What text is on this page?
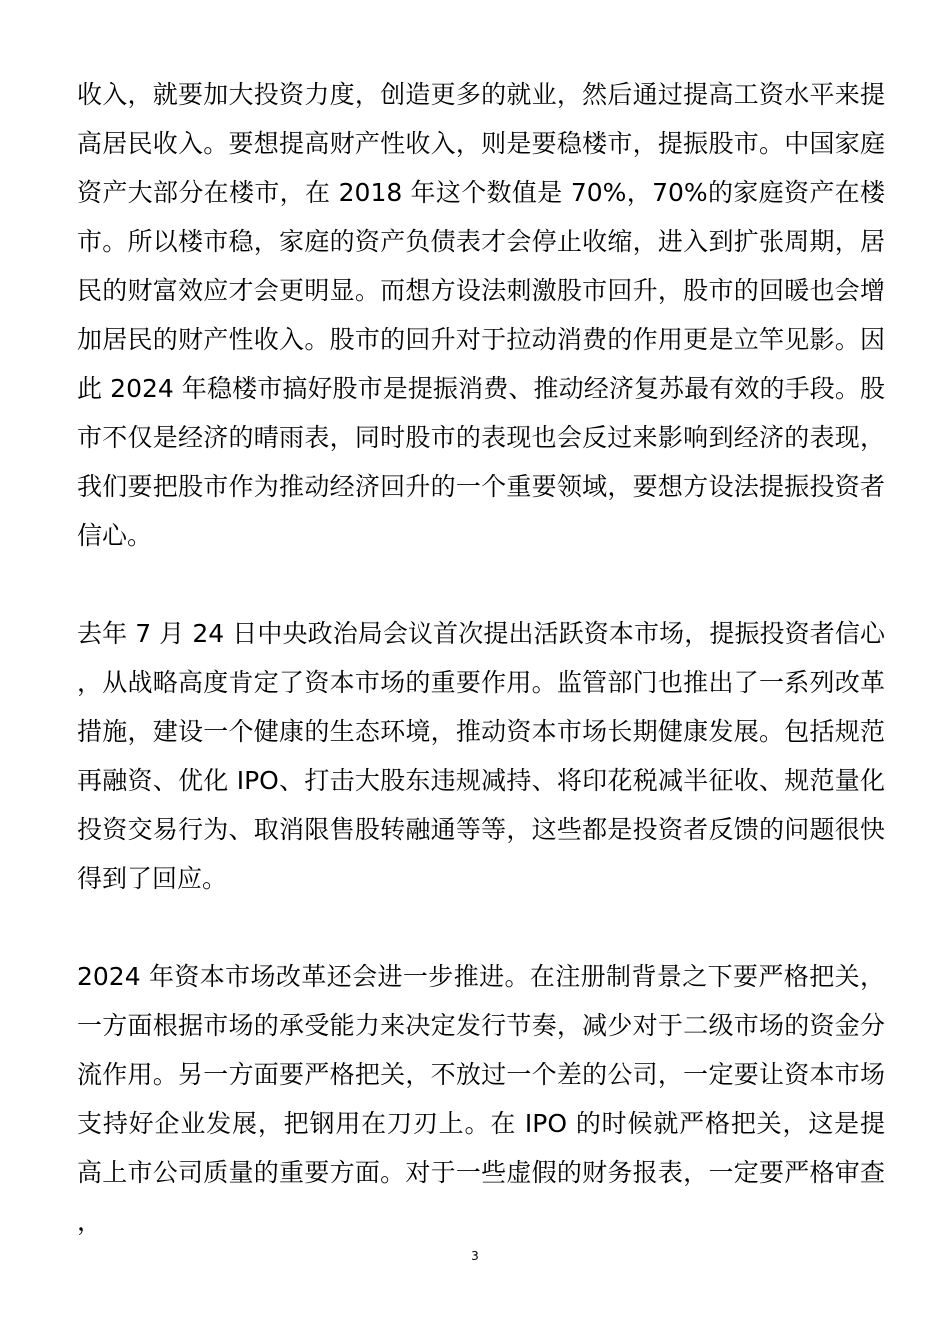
收入，就要加大投资力度，创造更多的就业，然后通过提高工资水平来提高居民收入。要想提高财产性收入，则是要稳楼市，提振股市。中国家庭资产大部分在楼市，在 2018 年这个数值是 70%，70%的家庭资产在楼市。所以楼市稳，家庭的资产负债表才会停止收缩，进入到扩张周期，居民的财富效应才会更明显。而想方设法刺激股市回升，股市的回暖也会增加居民的财产性收入。股市的回升对于拉动消费的作用更是立竿见影。因此 2024 年稳楼市搞好股市是提振消费、推动经济复苏最有效的手段。股市不仅是经济的晴雨表，同时股市的表现也会反过来影响到经济的表现，我们要把股市作为推动经济回升的一个重要领域，要想方设法提振投资者信心。

去年 7 月 24 日中央政治局会议首次提出活跃资本市场，提振投资者信心，从战略高度肯定了资本市场的重要作用。监管部门也推出了一系列改革措施，建设一个健康的生态环境，推动资本市场长期健康发展。包括规范再融资、优化 IPO、打击大股东违规减持、将印花税减半征收、规范量化投资交易行为、取消限售股转融通等等，这些都是投资者反馈的问题很快得到了回应。

2024 年资本市场改革还会进一步推进。在注册制背景之下要严格把关，一方面根据市场的承受能力来决定发行节奏，减少对于二级市场的资金分流作用。另一方面要严格把关，不放过一个差的公司，一定要让资本市场支持好企业发展，把钢用在刀刃上。在 IPO 的时候就严格把关，这是提高上市公司质量的重要方面。对于一些虚假的财务报表，一定要严格审查，

3
